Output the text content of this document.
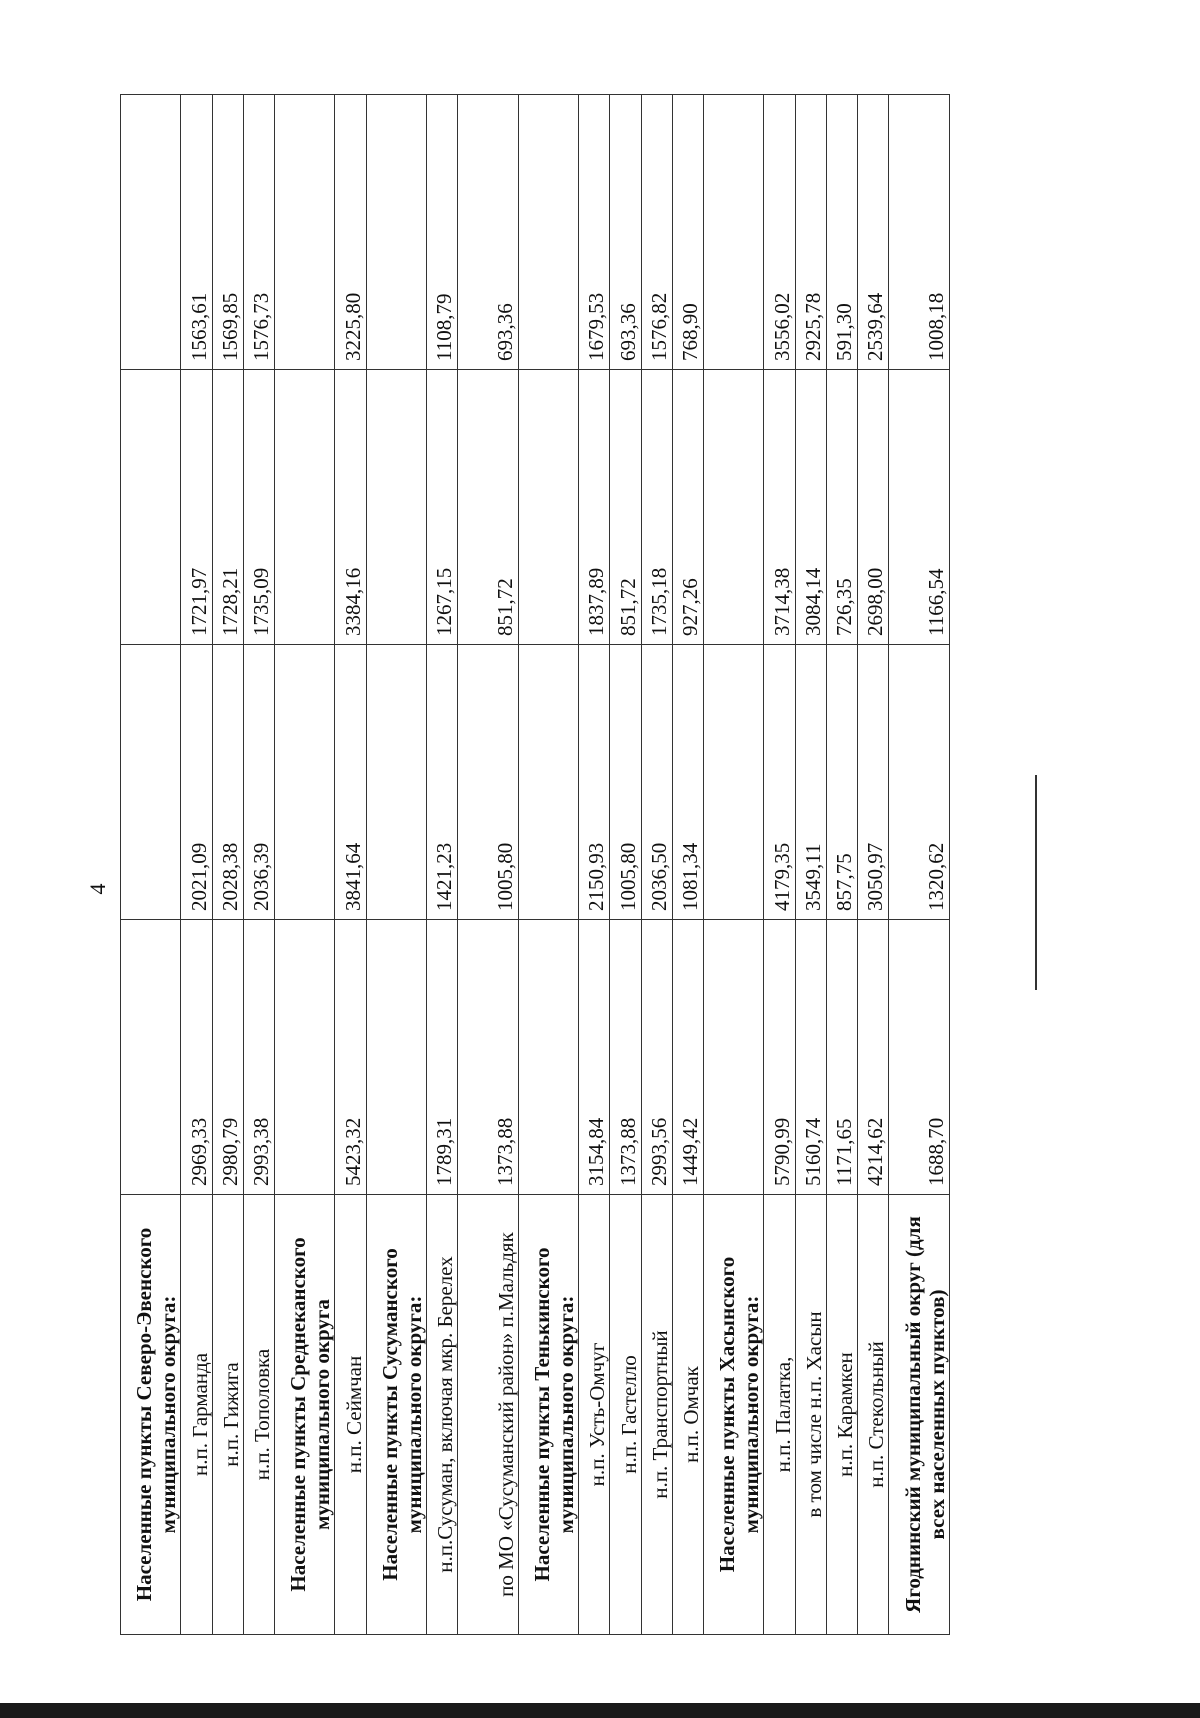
4
Населенные пункты Северо-Эвенского муниципального округа:				
н.п. Гарманда	2969,33	2021,09	1721,97	1563,61
н.п. Гижига	2980,79	2028,38	1728,21	1569,85
н.п. Тополовка	2993,38	2036,39	1735,09	1576,73
Населенные пункты Среднеканского муниципального округа				
н.п. Сеймчан	5423,32	3841,64	3384,16	3225,80
Населенные пункты Сусуманского муниципального округа:				
н.п.Сусуман, включая мкр. Берелех	1789,31	1421,23	1267,15	1108,79
по МО «Сусуманский район» п.Мальдяк	1373,88	1005,80	851,72	693,36
Населенные пункты Тенькинского муниципального округа:				
н.п. Усть-Омчуг	3154,84	2150,93	1837,89	1679,53
н.п. Гастелло	1373,88	1005,80	851,72	693,36
н.п. Транспортный	2993,56	2036,50	1735,18	1576,82
н.п. Омчак	1449,42	1081,34	927,26	768,90
Населенные пункты Хасынского муниципального округа:				
н.п. Палатка,	5790,99	4179,35	3714,38	3556,02
в том числе н.п. Хасын	5160,74	3549,11	3084,14	2925,78
н.п. Карамкен	1171,65	857,75	726,35	591,30
н.п. Стекольный	4214,62	3050,97	2698,00	2539,64
Ягоднинский муниципальный округ (для всех населенных пунктов)	1688,70	1320,62	1166,54	1008,18
